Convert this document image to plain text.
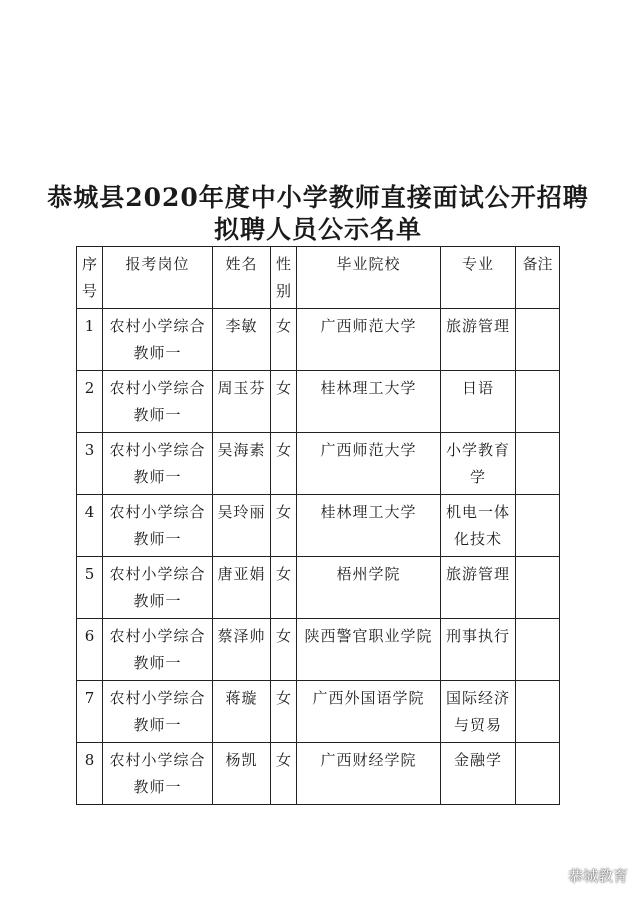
恭城县2020年度中小学教师直接面试公开招聘
拟聘人员公示名单
序号	报考岗位	姓名	性别	毕业院校	专业	备注

1	农村小学综合教师一	李敏	女	广西师范大学	旅游管理	

2	农村小学综合教师一	周玉芬	女	桂林理工大学	日语	

3	农村小学综合教师一	吴海素	女	广西师范大学	小学教育学	

4	农村小学综合教师一	吴玲丽	女	桂林理工大学	机电一体化技术	

5	农村小学综合教师一	唐亚娟	女	梧州学院	旅游管理	

6	农村小学综合教师一	蔡泽帅	女	陕西警官职业学院	刑事执行	

7	农村小学综合教师一	蒋璇	女	广西外国语学院	国际经济与贸易	

8	农村小学综合教师一	杨凯	女	广西财经学院	金融学	

恭城教育
